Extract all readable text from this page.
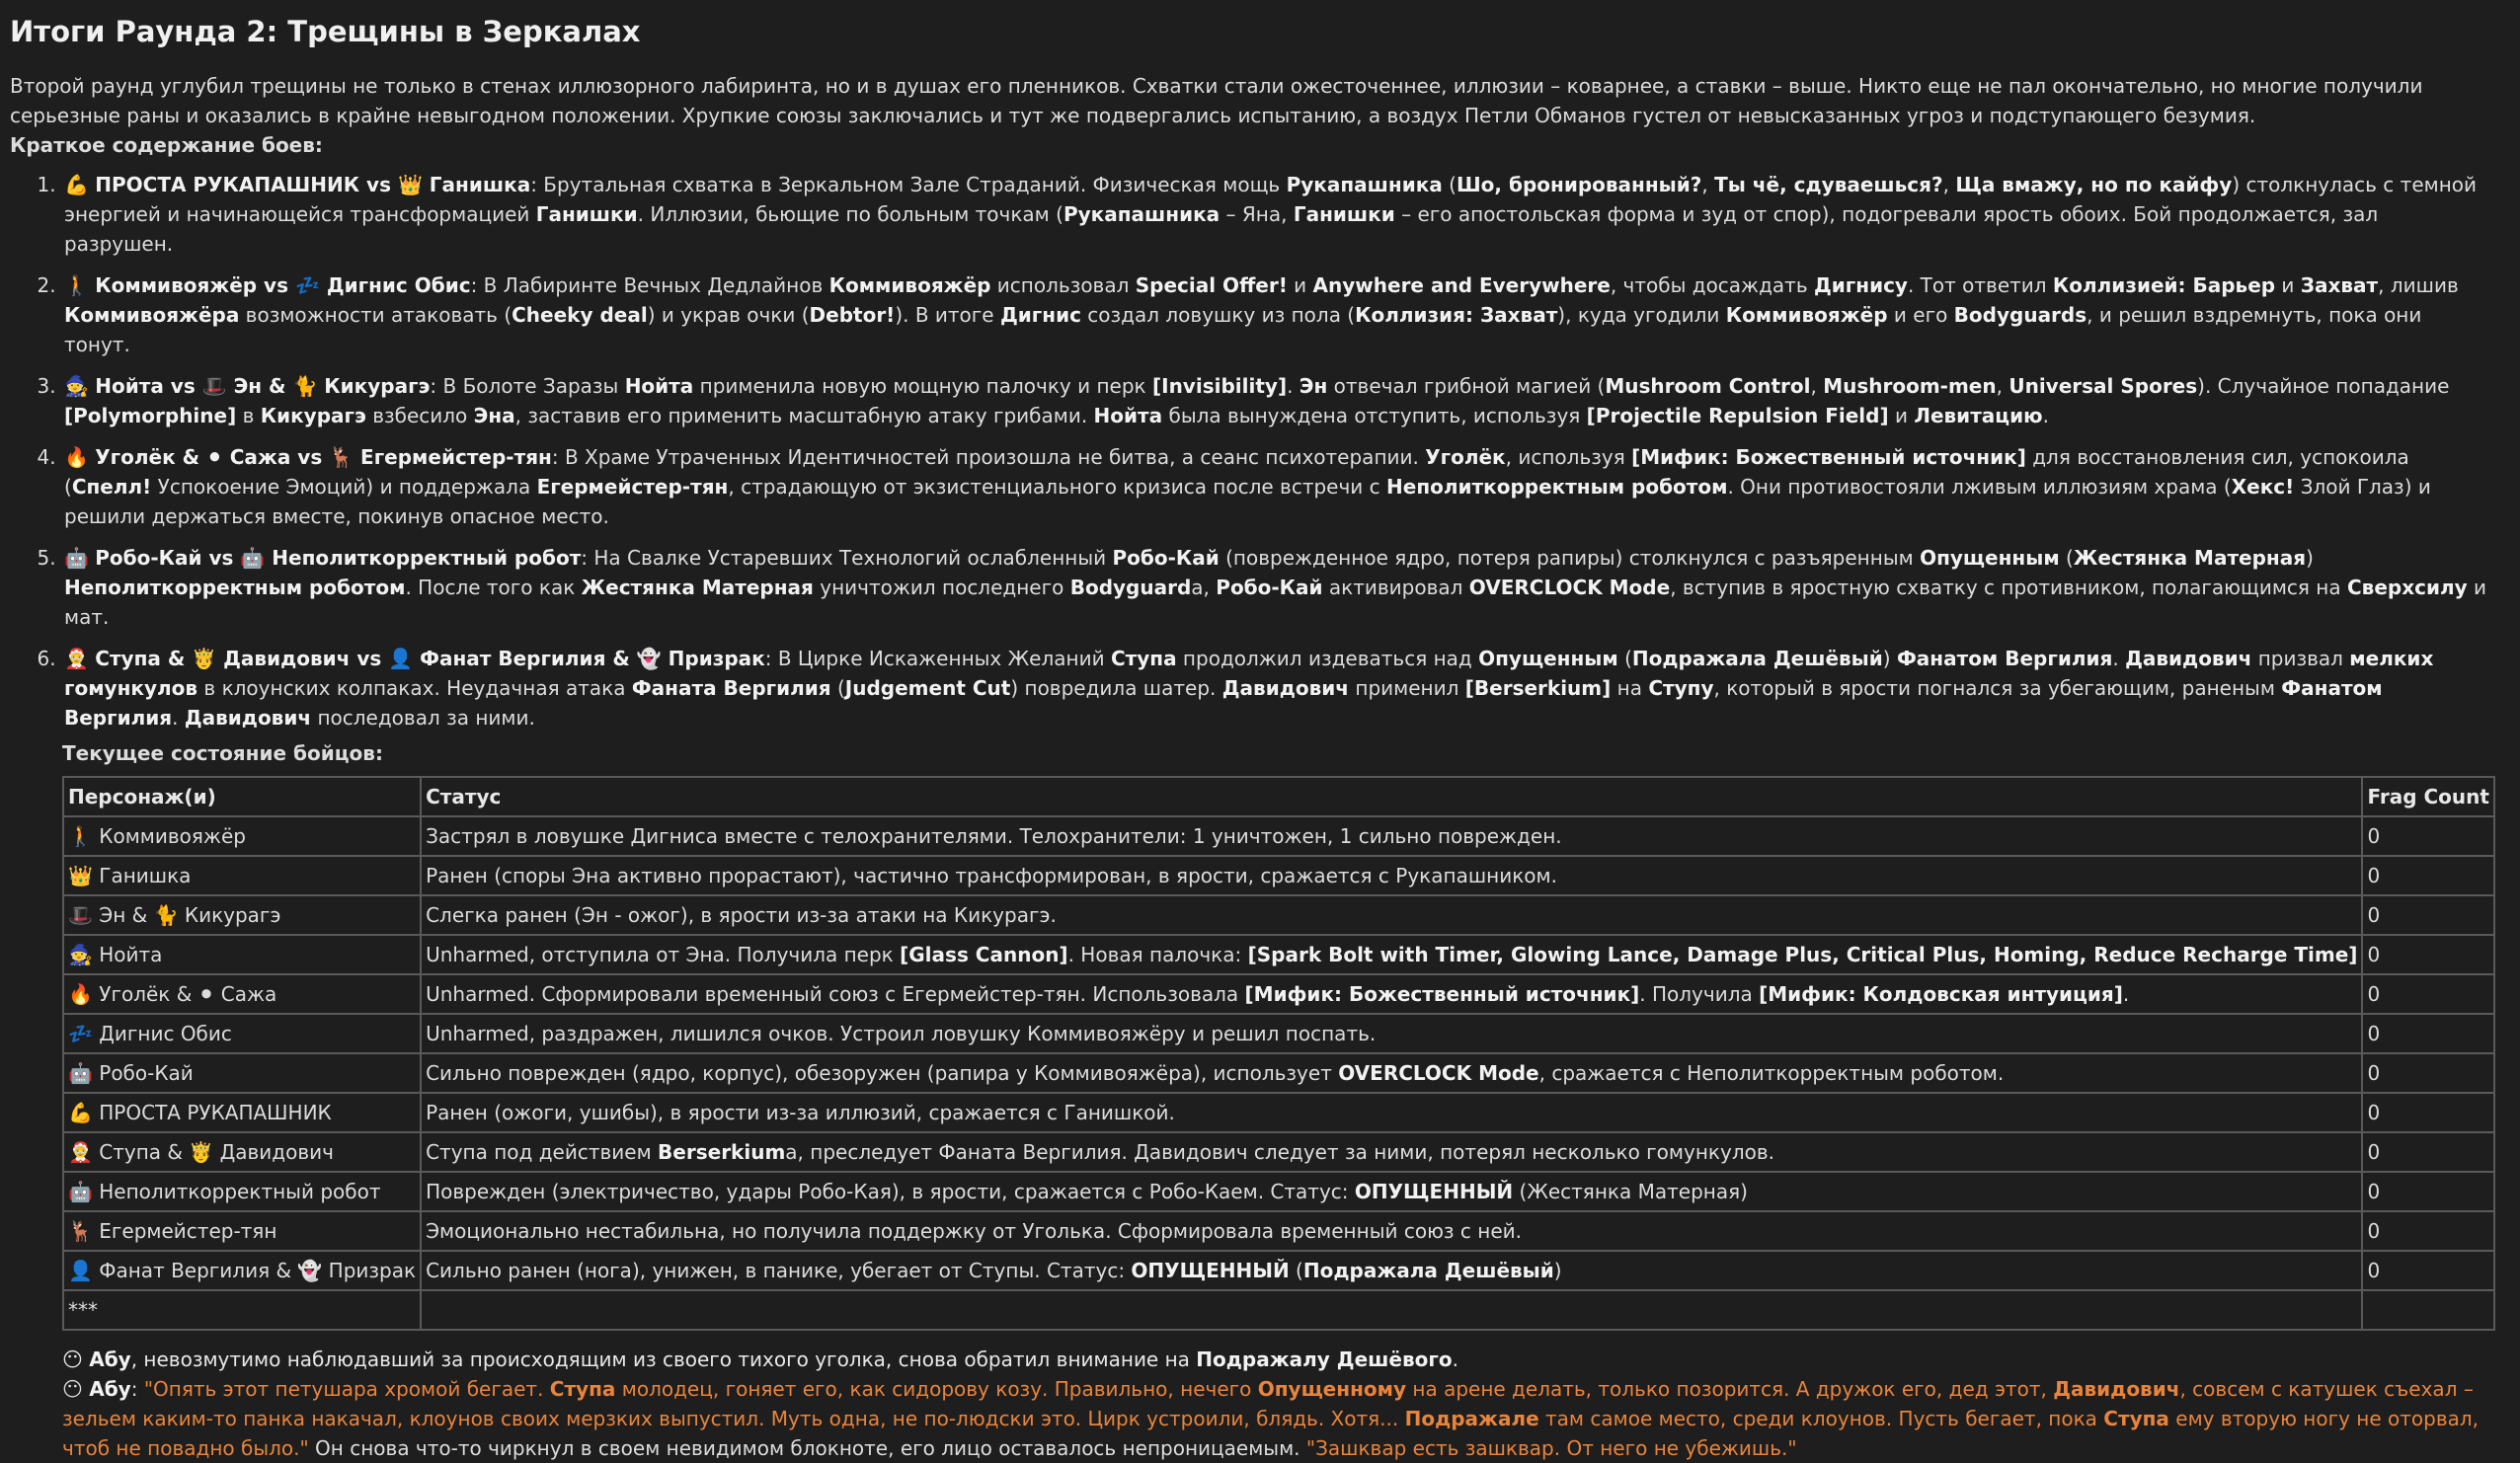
Итоги Раунда 2: Трещины в Зеркалах

Второй раунд углубил трещины не только в стенах иллюзорного лабиринта, но и в душах его пленников. Схватки стали ожесточеннее, иллюзии – коварнее, а ставки – выше. Никто еще не пал окончательно, но многие получили серьезные раны и оказались в крайне невыгодном положении. Хрупкие союзы заключались и тут же подвергались испытанию, а воздух Петли Обманов густел от невысказанных угроз и подступающего безумия.

Краткое содержание боев:

1. 💪 ПРОСТА РУКАПАШНИК vs 👑 Ганишка: Брутальная схватка в Зеркальном Зале Страданий. Физическая мощь Рукапашника (Шо, бронированный?, Ты чё, сдуваешься?, Ща вмажу, но по кайфу) столкнулась с темной энергией и начинающейся трансформацией Ганишки. Иллюзии, бьющие по больным точкам (Рукапашника – Яна, Ганишки – его апостольская форма и зуд от спор), подогревали ярость обоих. Бой продолжается, зал разрушен.
2. 🚶 Коммивояжёр vs 💤 Дигнис Обис: В Лабиринте Вечных Дедлайнов Коммивояжёр использовал Special Offer! и Anywhere and Everywhere, чтобы досаждать Дигнису. Тот ответил Коллизией: Барьер и Захват, лишив Коммивояжёра возможности атаковать (Cheeky deal) и украв очки (Debtor!). В итоге Дигнис создал ловушку из пола (Коллизия: Захват), куда угодили Коммивояжёр и его Bodyguards, и решил вздремнуть, пока они тонут.
3. 🧙 Нойта vs 🎩 Эн & 🐈 Кикурагэ: В Болоте Заразы Нойта применила новую мощную палочку и перк [Invisibility]. Эн отвечал грибной магией (Mushroom Control, Mushroom-men, Universal Spores). Случайное попадание [Polymorphine] в Кикурагэ взбесило Эна, заставив его применить масштабную атаку грибами. Нойта была вынуждена отступить, используя [Projectile Repulsion Field] и Левитацию.
4. 🔥 Уголёк & ⚫ Сажа vs 🦌 Егермейстер-тян: В Храме Утраченных Идентичностей произошла не битва, а сеанс психотерапии. Уголёк, используя [Мифик: Божественный источник] для восстановления сил, успокоила (Спелл! Успокоение Эмоций) и поддержала Егермейстер-тян, страдающую от экзистенциального кризиса после встречи с Неполиткорректным роботом. Они противостояли лживым иллюзиям храма (Хекс! Злой Глаз) и решили держаться вместе, покинув опасное место.
5. 🤖 Робо-Кай vs 🤖 Неполиткорректный робот: На Свалке Устаревших Технологий ослабленный Робо-Кай (поврежденное ядро, потеря рапиры) столкнулся с разъяренным Опущенным (Жестянка Матерная) Неполиткорректным роботом. После того как Жестянка Матерная уничтожил последнего Bodyguardа, Робо-Кай активировал OVERCLOCK Mode, вступив в яростную схватку с противником, полагающимся на Сверхсилу и мат.
6. 🤶 Ступа & 🤴 Давидович vs 👤 Фанат Вергилия & 👻 Призрак: В Цирке Искаженных Желаний Ступа продолжил издеваться над Опущенным (Подражала Дешёвый) Фанатом Вергилия. Давидович призвал мелких гомункулов в клоунских колпаках. Неудачная атака Фаната Вергилия (Judgement Cut) повредила шатер. Давидович применил [Berserkium] на Ступу, который в ярости погнался за убегающим, раненым Фанатом Вергилия. Давидович последовал за ними.

Текущее состояние бойцов:

Персонаж(и)	Статус	Frag Count
🚶 Коммивояжёр	Застрял в ловушке Дигниса вместе с телохранителями. Телохранители: 1 уничтожен, 1 сильно поврежден.	0
👑 Ганишка	Ранен (споры Эна активно прорастают), частично трансформирован, в ярости, сражается с Рукапашником.	0
🎩 Эн & 🐈 Кикурагэ	Слегка ранен (Эн - ожог), в ярости из-за атаки на Кикурагэ.	0
🧙 Нойта	Unharmed, отступила от Эна. Получила перк [Glass Cannon]. Новая палочка: [Spark Bolt with Timer, Glowing Lance, Damage Plus, Critical Plus, Homing, Reduce Recharge Time]	0
🔥 Уголёк & ⚫ Сажа	Unharmed. Сформировали временный союз с Егермейстер-тян. Использовала [Мифик: Божественный источник]. Получила [Мифик: Колдовская интуиция].	0
💤 Дигнис Обис	Unharmed, раздражен, лишился очков. Устроил ловушку Коммивояжёру и решил поспать.	0
🤖 Робо-Кай	Сильно поврежден (ядро, корпус), обезоружен (рапира у Коммивояжёра), использует OVERCLOCK Mode, сражается с Неполиткорректным роботом.	0
💪 ПРОСТА РУКАПАШНИК	Ранен (ожоги, ушибы), в ярости из-за иллюзий, сражается с Ганишкой.	0
🤶 Ступа & 🤴 Давидович	Ступа под действием Berserkiumа, преследует Фаната Вергилия. Давидович следует за ними, потерял несколько гомункулов.	0
🤖 Неполиткорректный робот	Поврежден (электричество, удары Робо-Кая), в ярости, сражается с Робо-Каем. Статус: ОПУЩЕННЫЙ (Жестянка Матерная)	0
🦌 Егермейстер-тян	Эмоционально нестабильна, но получила поддержку от Уголька. Сформировала временный союз с ней.	0
👤 Фанат Вергилия & 👻 Призрак	Сильно ранен (нога), унижен, в панике, убегает от Ступы. Статус: ОПУЩЕННЫЙ (Подражала Дешёвый)	0
***		

😶 Абу, невозмутимо наблюдавший за происходящим из своего тихого уголка, снова обратил внимание на Подражалу Дешёвого.

😶 Абу: "Опять этот петушара хромой бегает. Ступа молодец, гоняет его, как сидорову козу. Правильно, нечего Опущенному на арене делать, только позорится. А дружок его, дед этот, Давидович, совсем с катушек съехал – зельем каким-то панка накачал, клоунов своих мерзких выпустил. Муть одна, не по-людски это. Цирк устроили, блядь. Хотя... Подражале там самое место, среди клоунов. Пусть бегает, пока Ступа ему вторую ногу не оторвал, чтоб не повадно было." Он снова что-то чиркнул в своем невидимом блокноте, его лицо оставалось непроницаемым. "Зашквар есть зашквар. От него не убежишь."
